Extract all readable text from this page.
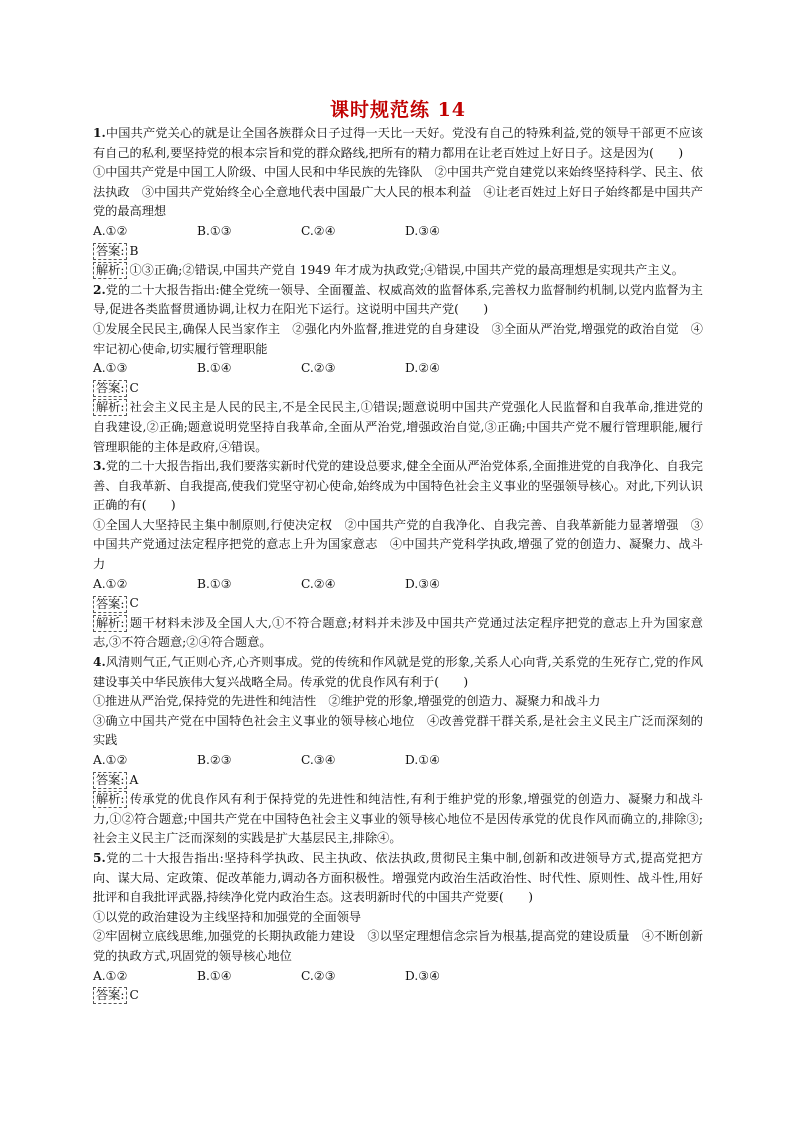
课时规范练 14
1.中国共产党关心的就是让全国各族群众日子过得一天比一天好。党没有自己的特殊利益,党的领导干部更不应该有自己的私利,要坚持党的根本宗旨和党的群众路线,把所有的精力都用在让老百姓过上好日子。这是因为(　　)
①中国共产党是中国工人阶级、中国人民和中华民族的先锋队　②中国共产党自建党以来始终坚持科学、民主、依法执政　③中国共产党始终全心全意地代表中国最广大人民的根本利益　④让老百姓过上好日子始终都是中国共产党的最高理想
A.①②	B.①③	C.②④	D.③④
答案: B
解析: ①③正确;②错误,中国共产党自 1949 年才成为执政党;④错误,中国共产党的最高理想是实现共产主义。
2.党的二十大报告指出:健全党统一领导、全面覆盖、权威高效的监督体系,完善权力监督制约机制,以党内监督为主导,促进各类监督贯通协调,让权力在阳光下运行。这说明中国共产党(　　)
①发展全民民主,确保人民当家作主　②强化内外监督,推进党的自身建设　③全面从严治党,增强党的政治自觉　④牢记初心使命,切实履行管理职能
A.①③	B.①④	C.②③	D.②④
答案: C
解析: 社会主义民主是人民的民主,不是全民民主,①错误;题意说明中国共产党强化人民监督和自我革命,推进党的自我建设,②正确;题意说明党坚持自我革命,全面从严治党,增强政治自觉,③正确;中国共产党不履行管理职能,履行管理职能的主体是政府,④错误。
3.党的二十大报告指出,我们要落实新时代党的建设总要求,健全全面从严治党体系,全面推进党的自我净化、自我完善、自我革新、自我提高,使我们党坚守初心使命,始终成为中国特色社会主义事业的坚强领导核心。对此,下列认识正确的有(　　)
①全国人大坚持民主集中制原则,行使决定权　②中国共产党的自我净化、自我完善、自我革新能力显著增强　③中国共产党通过法定程序把党的意志上升为国家意志　④中国共产党科学执政,增强了党的创造力、凝聚力、战斗力
A.①②	B.①③	C.②④	D.③④
答案: C
解析: 题干材料未涉及全国人大,①不符合题意;材料并未涉及中国共产党通过法定程序把党的意志上升为国家意志,③不符合题意;②④符合题意。
4.风清则气正,气正则心齐,心齐则事成。党的传统和作风就是党的形象,关系人心向背,关系党的生死存亡,党的作风建设事关中华民族伟大复兴战略全局。传承党的优良作风有利于(　　)
①推进从严治党,保持党的先进性和纯洁性　②维护党的形象,增强党的创造力、凝聚力和战斗力
③确立中国共产党在中国特色社会主义事业的领导核心地位　④改善党群干群关系,是社会主义民主广泛而深刻的实践
A.①②	B.②③	C.③④	D.①④
答案: A
解析: 传承党的优良作风有利于保持党的先进性和纯洁性,有利于维护党的形象,增强党的创造力、凝聚力和战斗力,①②符合题意;中国共产党在中国特色社会主义事业的领导核心地位不是因传承党的优良作风而确立的,排除③;社会主义民主广泛而深刻的实践是扩大基层民主,排除④。
5.党的二十大报告指出:坚持科学执政、民主执政、依法执政,贯彻民主集中制,创新和改进领导方式,提高党把方向、谋大局、定政策、促改革能力,调动各方面积极性。增强党内政治生活政治性、时代性、原则性、战斗性,用好批评和自我批评武器,持续净化党内政治生态。这表明新时代的中国共产党要(　　)
①以党的政治建设为主线坚持和加强党的全面领导
②牢固树立底线思维,加强党的长期执政能力建设　③以坚定理想信念宗旨为根基,提高党的建设质量　④不断创新党的执政方式,巩固党的领导核心地位
A.①②	B.①④	C.②③	D.③④
答案: C
